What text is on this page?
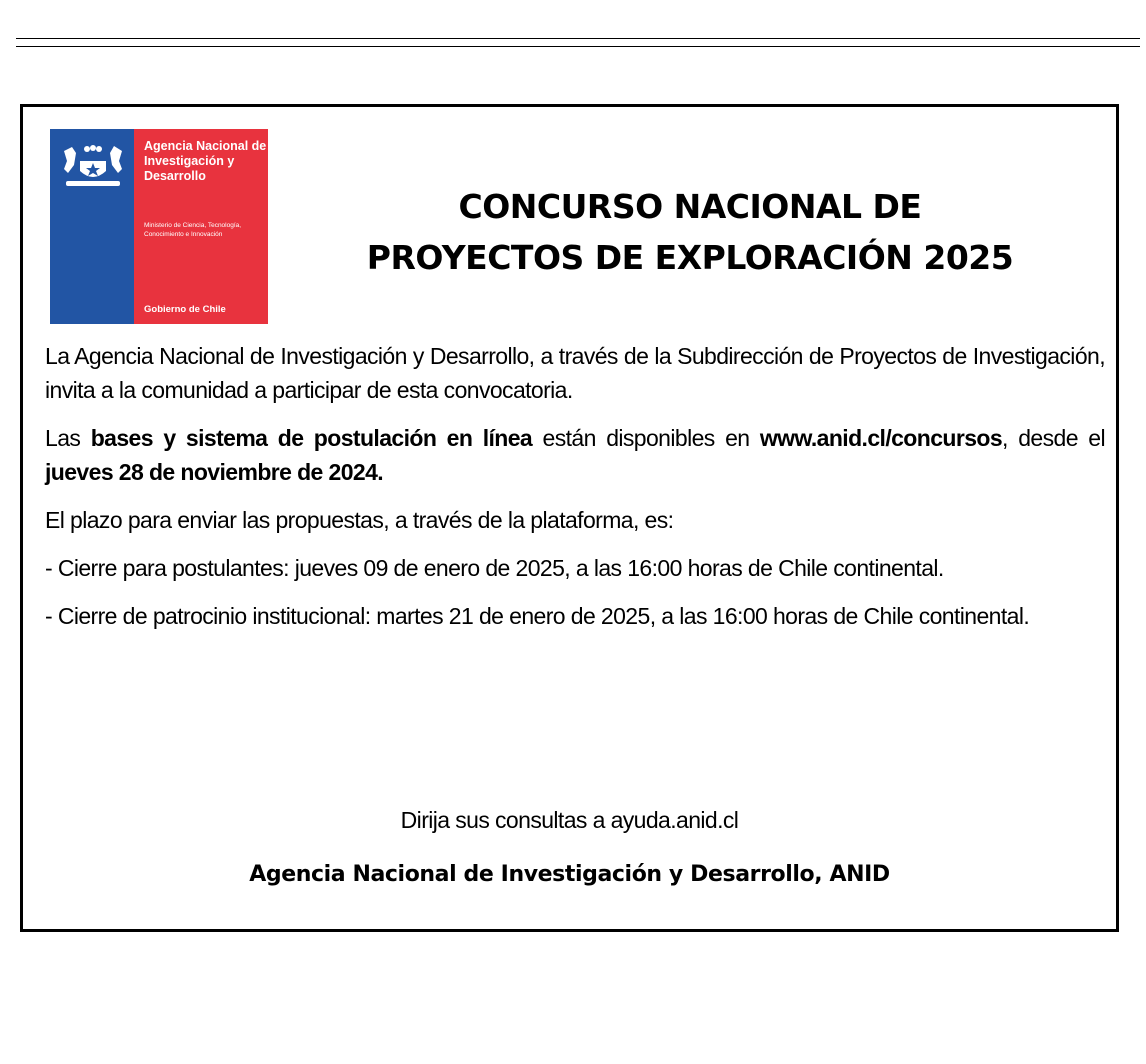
Agencia Nacional de Investigación y Desarrollo
Ministerio de Ciencia, Tecnología, Conocimiento e Innovación
Gobierno de Chile
CONCURSO NACIONAL DE
PROYECTOS DE EXPLORACIÓN 2025

La Agencia Nacional de Investigación y Desarrollo, a través de la Subdirección de Proyectos de Investigación, invita a la comunidad a participar de esta convocatoria.

Las bases y sistema de postulación en línea están disponibles en www.anid.cl/concursos, desde el jueves 28 de noviembre de 2024.

El plazo para enviar las propuestas, a través de la plataforma, es:

- Cierre para postulantes: jueves 09 de enero de 2025, a las 16:00 horas de Chile continental.

- Cierre de patrocinio institucional: martes 21 de enero de 2025, a las 16:00 horas de Chile continental.

Dirija sus consultas a ayuda.anid.cl
Agencia Nacional de Investigación y Desarrollo, ANID
